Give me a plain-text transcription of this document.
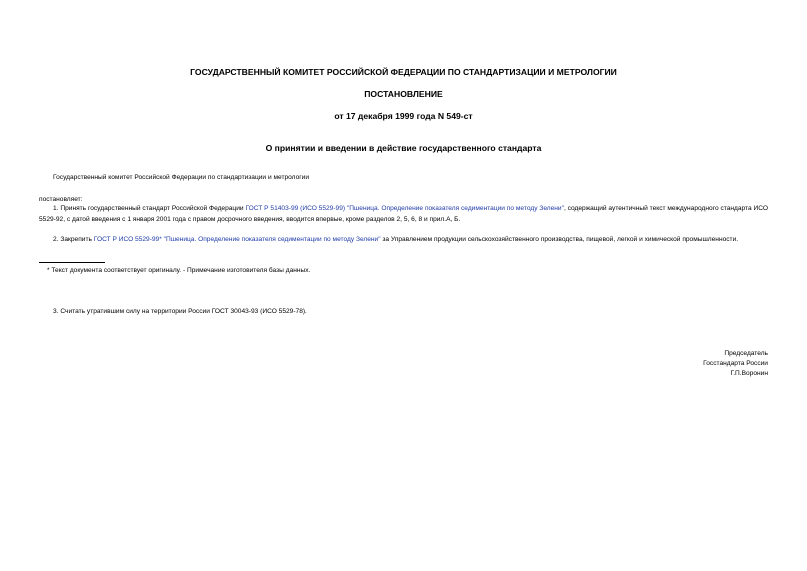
ГОСУДАРСТВЕННЫЙ КОМИТЕТ РОССИЙСКОЙ ФЕДЕРАЦИИ ПО СТАНДАРТИЗАЦИИ И МЕТРОЛОГИИ
ПОСТАНОВЛЕНИЕ
от 17 декабря 1999 года N 549-ст
О принятии и введении в действие государственного стандарта
Государственный комитет Российской Федерации по стандартизации и метрологии
постановляет:
1. Принять государственный стандарт Российской Федерации ГОСТ Р 51403-99 (ИСО 5529-99) "Пшеница. Определение показателя седиментации по методу Зелени", содержащий аутентичный текст международного стандарта ИСО 5529-92, с датой введения с 1 января 2001 года с правом досрочного введения, вводится впервые, кроме разделов 2, 5, 6, 8 и прил.А, Б.
2. Закрепить ГОСТ Р ИСО 5529-99* "Пшеница. Определение показателя седиментации по методу Зелени" за Управлением продукции сельскохозяйственного производства, пищевой, легкой и химической промышленности.
* Текст документа соответствует оригиналу. - Примечание изготовителя базы данных.
3. Считать утратившим силу на территории России ГОСТ 30043-93 (ИСО 5529-78).
Председатель
Госстандарта России
Г.П.Воронин
